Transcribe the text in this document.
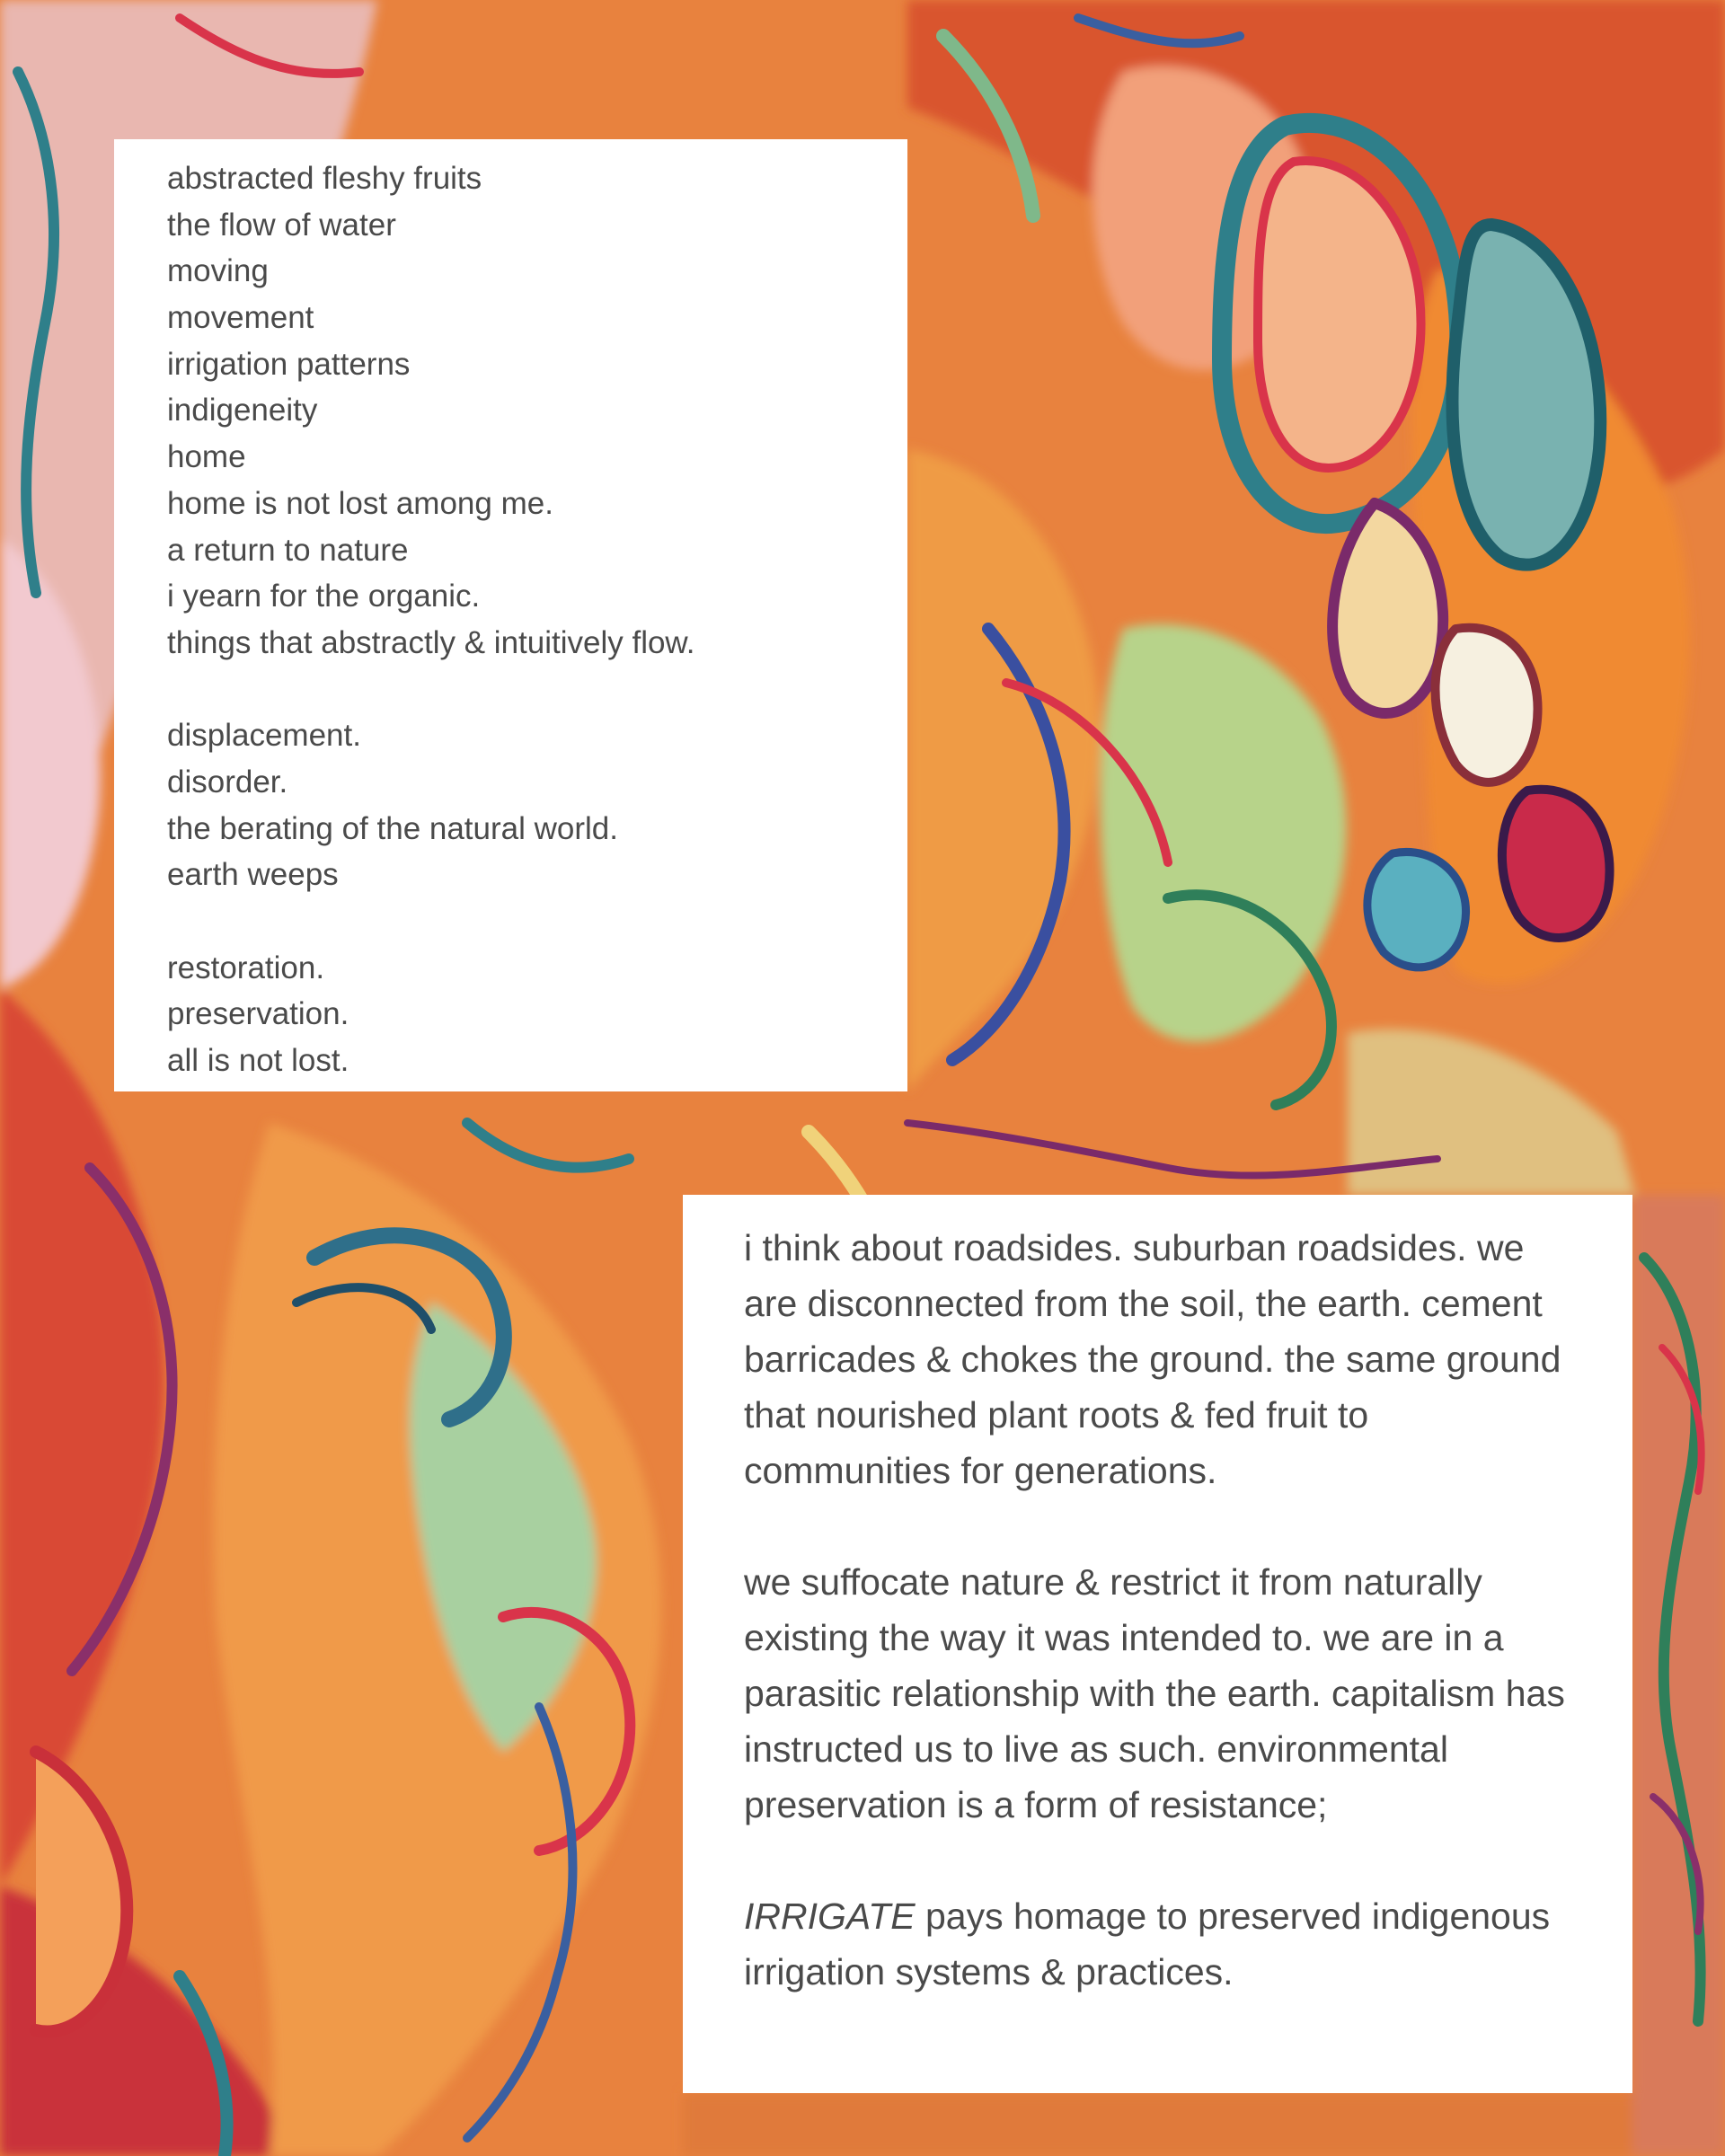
abstracted fleshy fruits
the flow of water
moving
movement
irrigation patterns
indigeneity
home
home is not lost among me.
a return to nature
i yearn for the organic.
things that abstractly & intuitively flow.
displacement.
disorder.
the berating of the natural world.
earth weeps
restoration.
preservation.
all is not lost.

i think about roadsides. suburban roadsides. we are disconnected from the soil, the earth. cement barricades & chokes the ground. the same ground that nourished plant roots & fed fruit to communities for generations.

we suffocate nature & restrict it from naturally existing the way it was intended to. we are in a parasitic relationship with the earth. capitalism has instructed us to live as such. environmental preservation is a form of resistance;

IRRIGATE pays homage to preserved indigenous irrigation systems & practices.
